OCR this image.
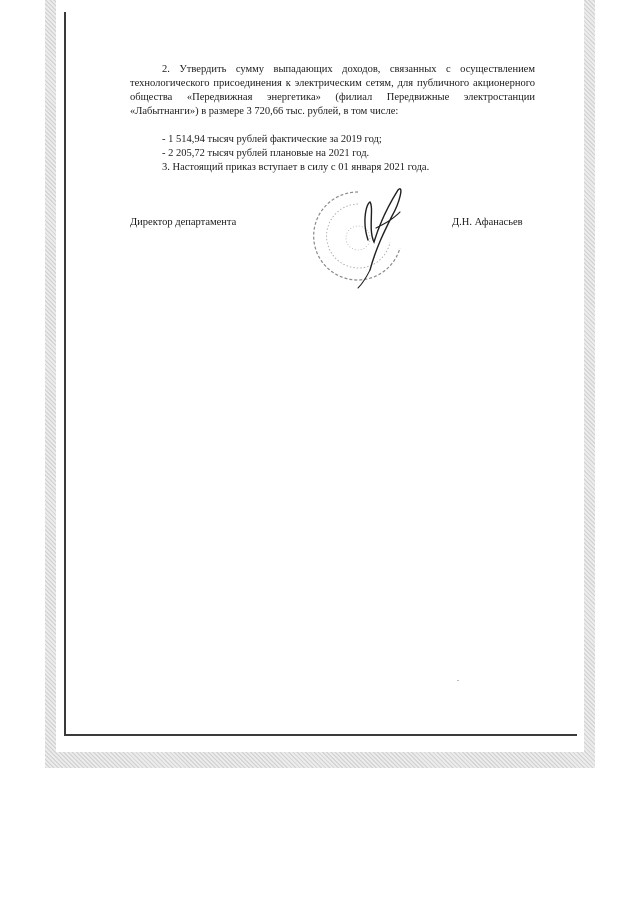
2. Утвердить сумму выпадающих доходов, связанных с осуществлением технологического присоединения к электрическим сетям, для публичного акционерного общества «Передвижная энергетика» (филиал Передвижные электростанции «Лабытнанги») в размере 3 720,66 тыс. рублей, в том числе:

- 1 514,94 тысяч рублей фактические за 2019 год;

- 2 205,72 тысяч рублей плановые на 2021 год.

3. Настоящий приказ вступает в силу с 01 января 2021 года.

Директор департамента	Д.Н. Афанасьев
